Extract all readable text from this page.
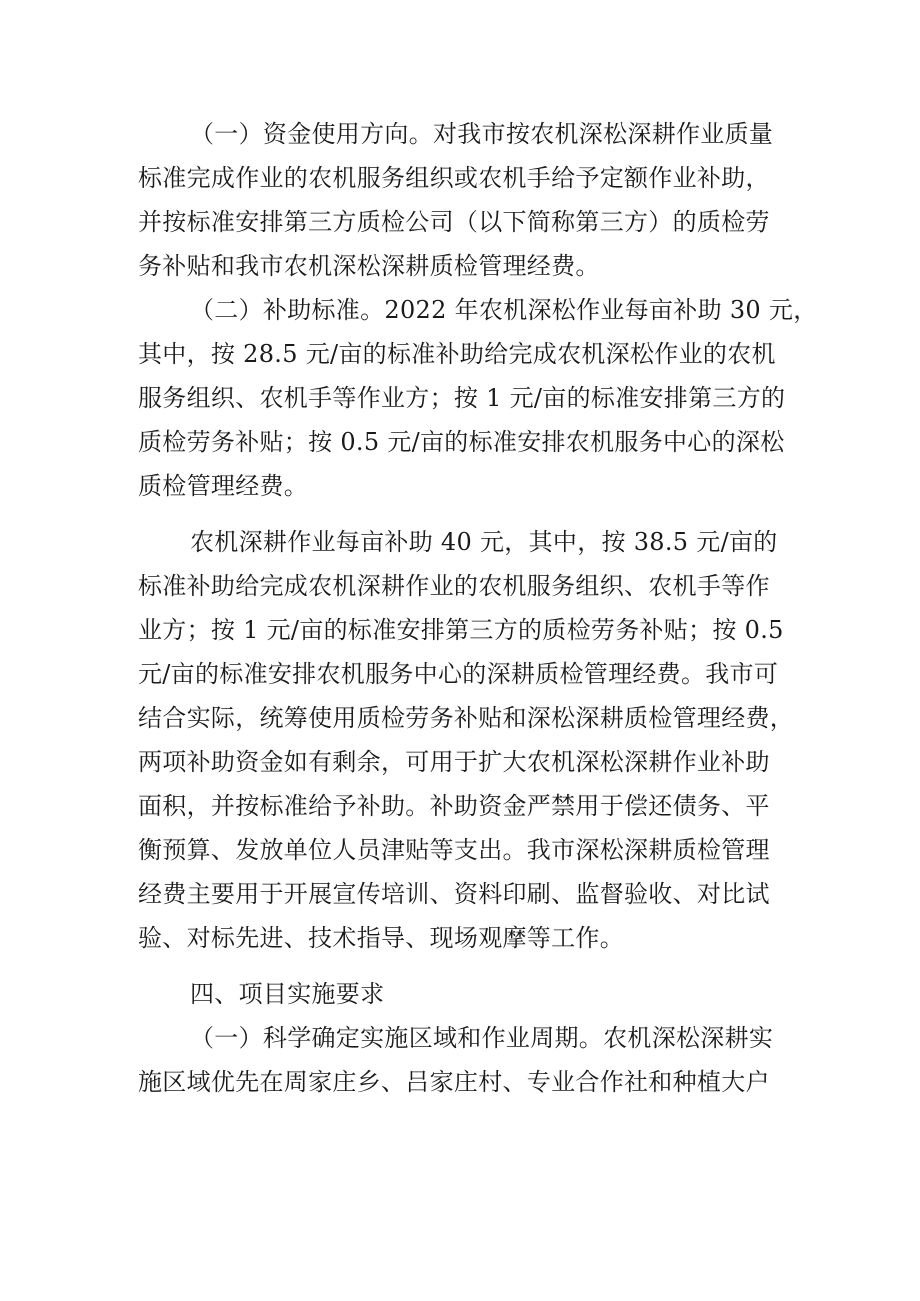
（一）资金使用方向。对我市按农机深松深耕作业质量
标准完成作业的农机服务组织或农机手给予定额作业补助，
并按标准安排第三方质检公司（以下简称第三方）的质检劳
务补贴和我市农机深松深耕质检管理经费。
（二）补助标准。2022 年农机深松作业每亩补助 30 元，
其中，按 28.5 元/亩的标准补助给完成农机深松作业的农机
服务组织、农机手等作业方；按 1 元/亩的标准安排第三方的
质检劳务补贴；按 0.5 元/亩的标准安排农机服务中心的深松
质检管理经费。
农机深耕作业每亩补助 40 元，其中，按 38.5 元/亩的
标准补助给完成农机深耕作业的农机服务组织、农机手等作
业方；按 1 元/亩的标准安排第三方的质检劳务补贴；按 0.5
元/亩的标准安排农机服务中心的深耕质检管理经费。我市可
结合实际，统筹使用质检劳务补贴和深松深耕质检管理经费，
两项补助资金如有剩余，可用于扩大农机深松深耕作业补助
面积，并按标准给予补助。补助资金严禁用于偿还债务、平
衡预算、发放单位人员津贴等支出。我市深松深耕质检管理
经费主要用于开展宣传培训、资料印刷、监督验收、对比试
验、对标先进、技术指导、现场观摩等工作。
四、项目实施要求
（一）科学确定实施区域和作业周期。农机深松深耕实
施区域优先在周家庄乡、吕家庄村、专业合作社和种植大户
